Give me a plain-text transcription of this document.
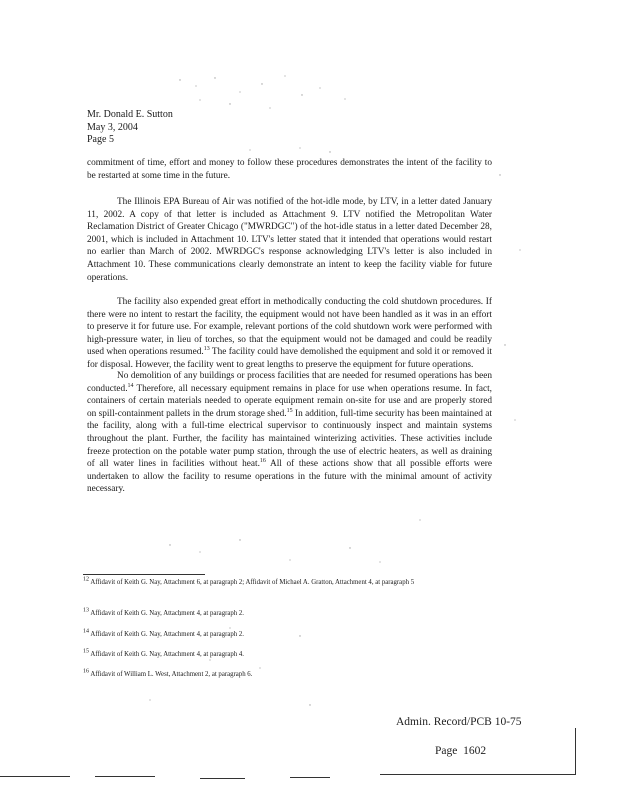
Mr. Donald E. Sutton
May 3, 2004
Page 5

commitment of time, effort and money to follow these procedures demonstrates the intent of the facility to be restarted at some time in the future.

The Illinois EPA Bureau of Air was notified of the hot-idle mode, by LTV, in a letter dated January 11, 2002. A copy of that letter is included as Attachment 9. LTV notified the Metropolitan Water Reclamation District of Greater Chicago ("MWRDGC") of the hot-idle status in a letter dated December 28, 2001, which is included in Attachment 10. LTV's letter stated that it intended that operations would restart no earlier than March of 2002. MWRDGC's response acknowledging LTV's letter is also included in Attachment 10. These communications clearly demonstrate an intent to keep the facility viable for future operations.

The facility also expended great effort in methodically conducting the cold shutdown procedures. If there were no intent to restart the facility, the equipment would not have been handled as it was in an effort to preserve it for future use. For example, relevant portions of the cold shutdown work were performed with high-pressure water, in lieu of torches, so that the equipment would not be damaged and could be readily used when operations resumed.$^{13}$ The facility could have demolished the equipment and sold it or removed it for disposal. However, the facility went to great lengths to preserve the equipment for future operations.

No demolition of any buildings or process facilities that are needed for resumed operations has been conducted.$^{14}$ Therefore, all necessary equipment remains in place for use when operations resume. In fact, containers of certain materials needed to operate equipment remain on-site for use and are properly stored on spill-containment pallets in the drum storage shed.$^{15}$ In addition, full-time security has been maintained at the facility, along with a full-time electrical supervisor to continuously inspect and maintain systems throughout the plant. Further, the facility has maintained winterizing activities. These activities include freeze protection on the potable water pump station, through the use of electric heaters, as well as draining of all water lines in facilities without heat.$^{16}$ All of these actions show that all possible efforts were undertaken to allow the facility to resume operations in the future with the minimal amount of activity necessary.

$^{12}$ Affidavit of Keith G. Nay, Attachment 6, at paragraph 2; Affidavit of Michael A. Gratton, Attachment 4, at paragraph 5
$^{13}$ Affidavit of Keith G. Nay, Attachment 4, at paragraph 2.
$^{14}$ Affidavit of Keith G. Nay, Attachment 4, at paragraph 2.
$^{15}$ Affidavit of Keith G. Nay, Attachment 4, at paragraph 4.
$^{16}$ Affidavit of William L. West, Attachment 2, at paragraph 6.
Admin. Record/PCB 10-75
Page 1602
